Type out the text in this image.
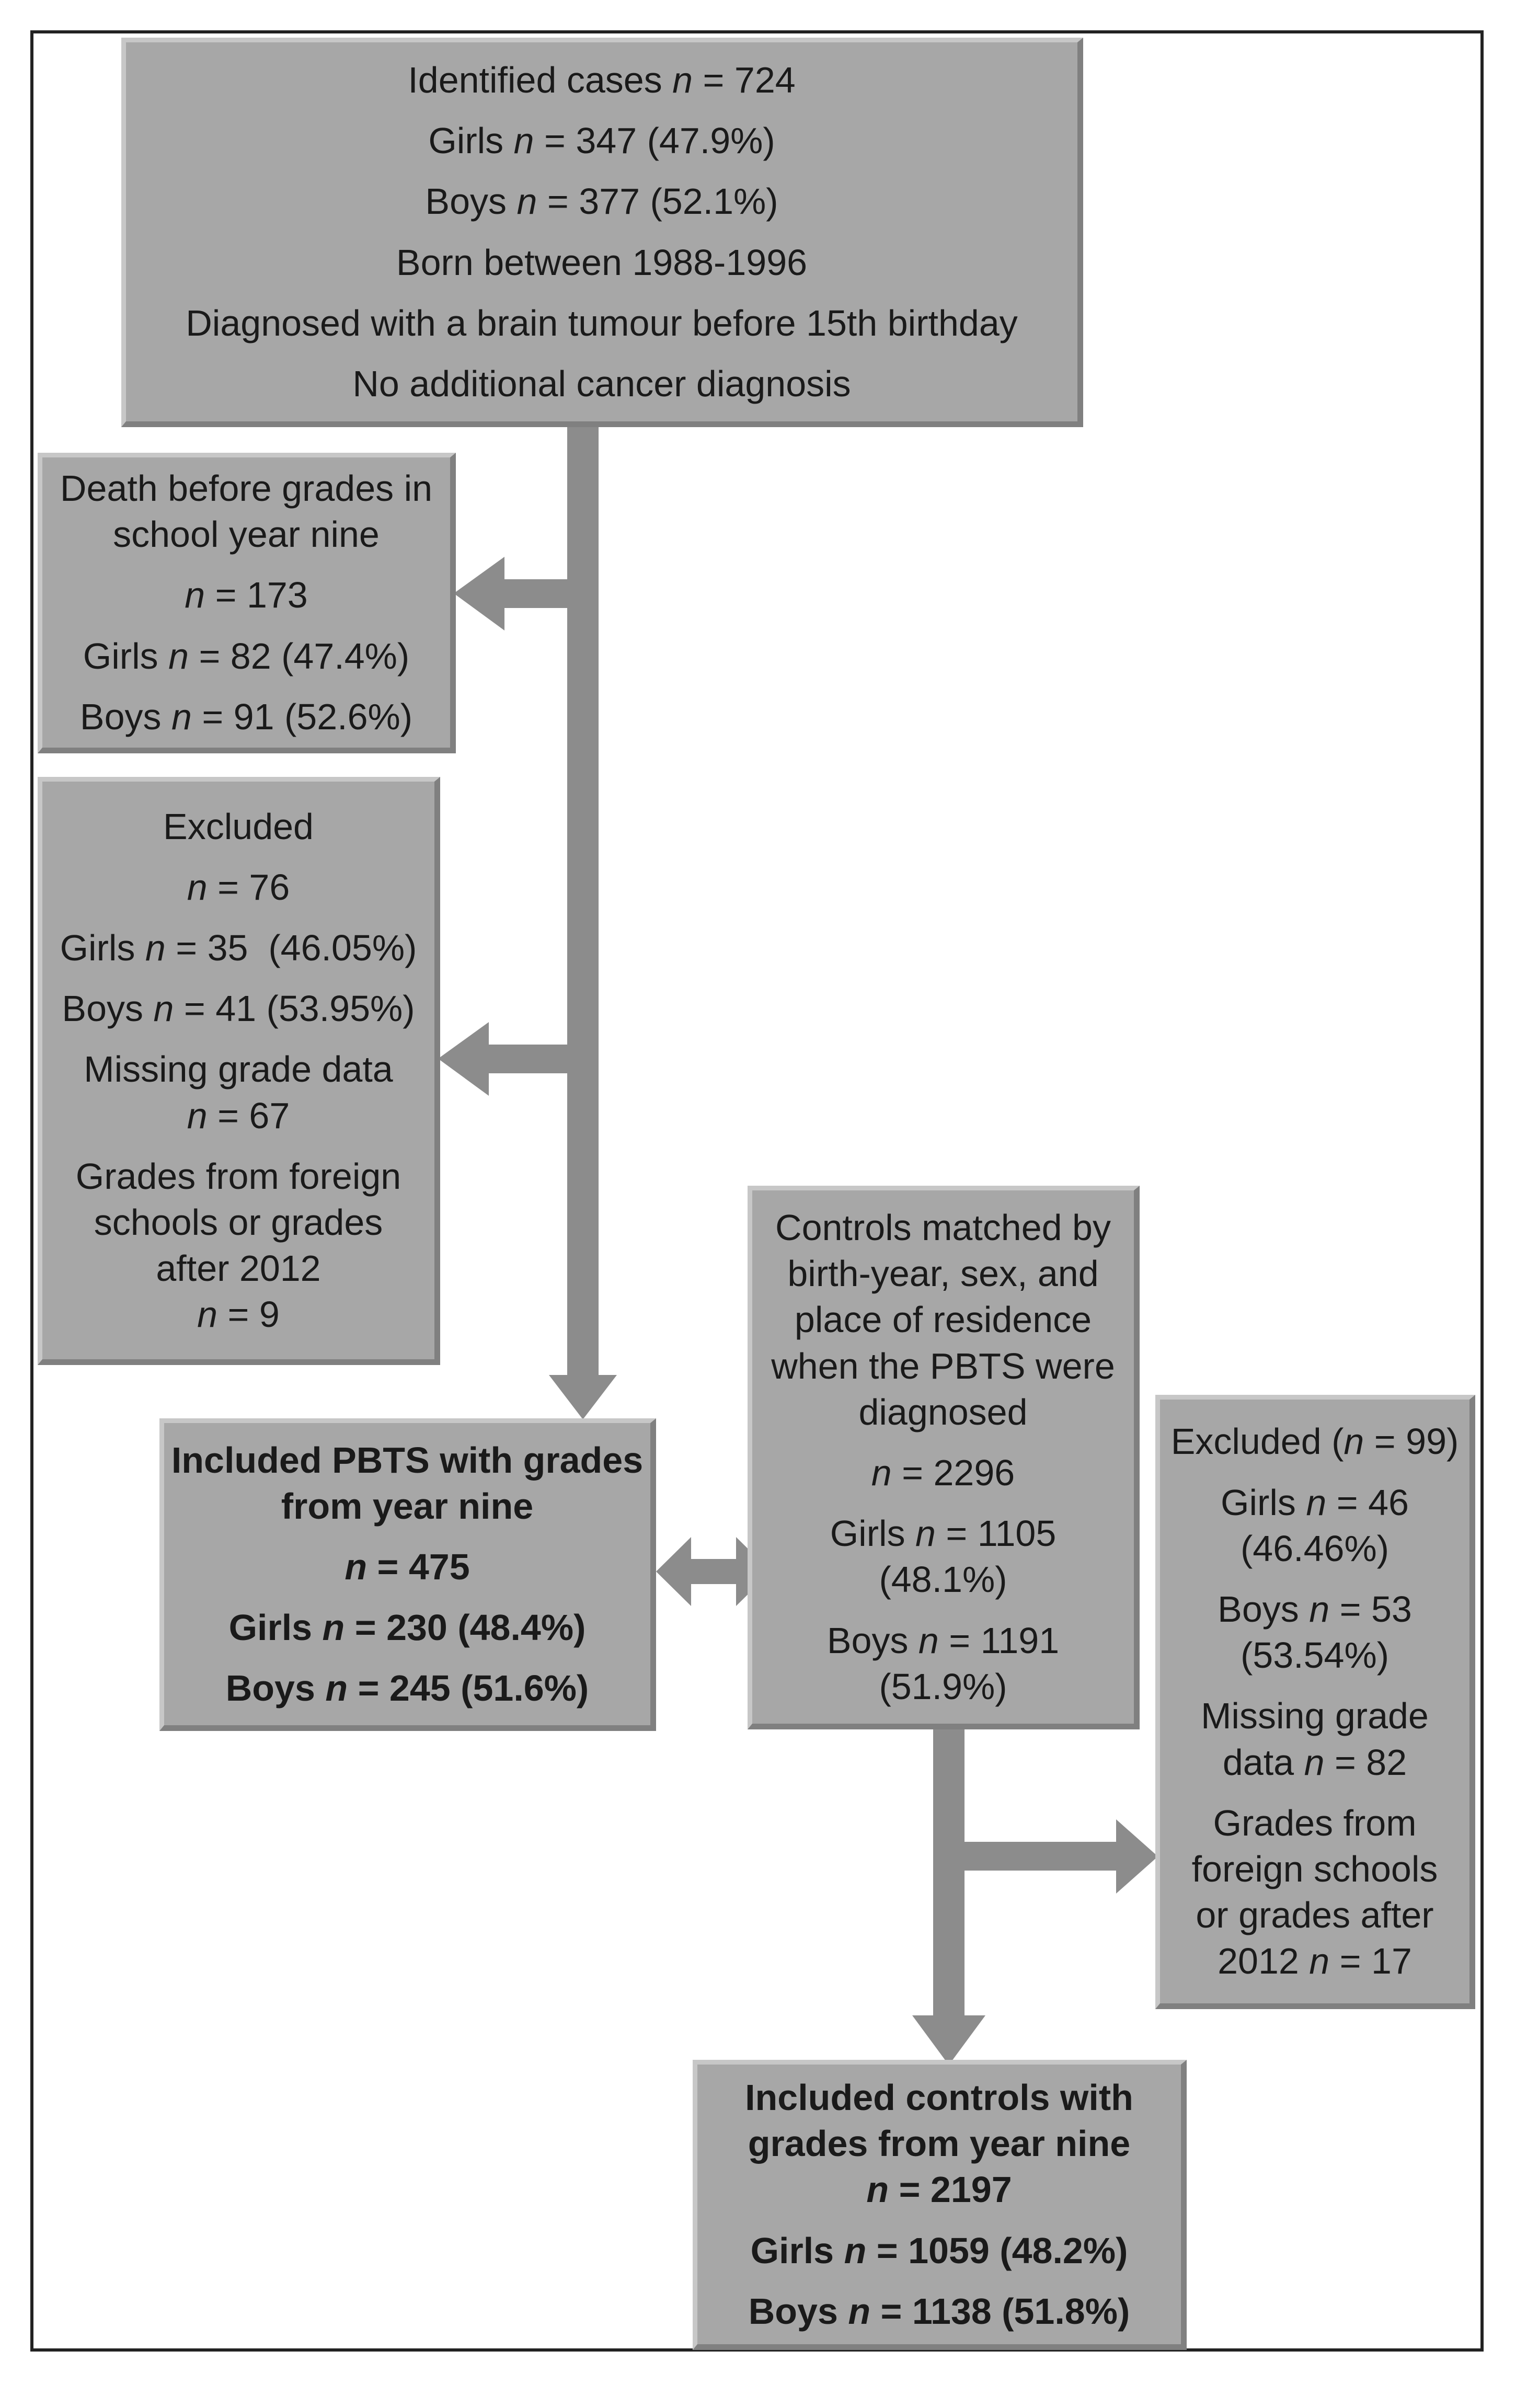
Identified cases n = 724

Girls n = 347 (47.9%)

Boys n = 377 (52.1%)

Born between 1988-1996

Diagnosed with a brain tumour before 15th birthday

No additional cancer diagnosis

Death before grades in

school year nine

n = 173

Girls n = 82 (47.4%)

Boys n = 91 (52.6%)

Excluded

n = 76

Girls n = 35  (46.05%)

Boys n = 41 (53.95%)

Missing grade data

n = 67

Grades from foreign

schools or grades

after 2012

n = 9

Included PBTS with grades

from year nine

n = 475

Girls n = 230 (48.4%)

Boys n = 245 (51.6%)

Controls matched by

birth-year, sex, and

place of residence

when the PBTS were

diagnosed

n = 2296

Girls n = 1105

(48.1%)

Boys n = 1191

(51.9%)

Excluded (n = 99)

Girls n = 46

(46.46%)

Boys n = 53

(53.54%)

Missing grade

data n = 82

Grades from

foreign schools

or grades after

2012 n = 17

Included controls with

grades from year nine

n = 2197

Girls n = 1059 (48.2%)

Boys n = 1138 (51.8%)
